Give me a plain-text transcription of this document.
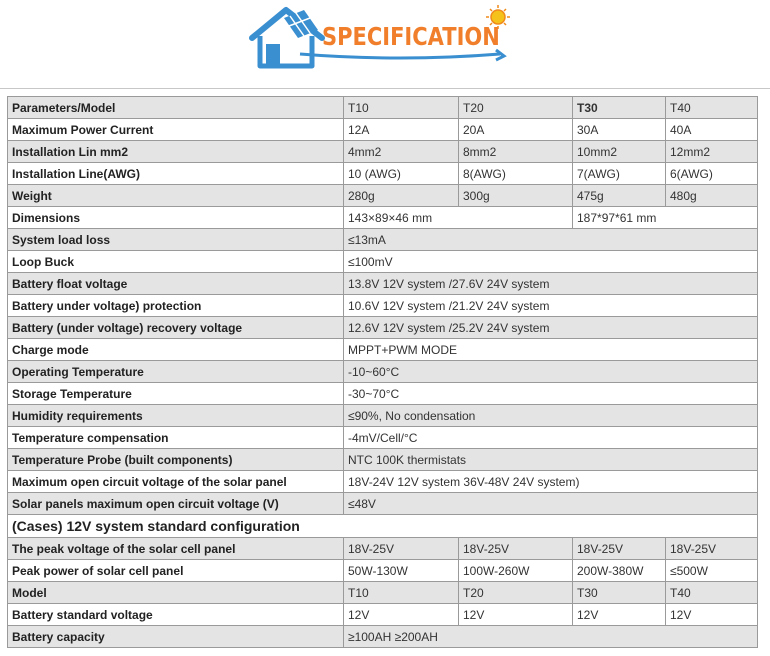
SPECIFICATION
Parameters/Model	T10	T20	T30	T40
Maximum Power Current	12A	20A	30A	40A
Installation Lin mm2	4mm2	8mm2	10mm2	12mm2
Installation Line(AWG)	10 (AWG)	8(AWG)	7(AWG)	6(AWG)
Weight	280g	300g	475g	480g
Dimensions	143×89×46 mm		187*97*61 mm	
System load loss	≤13mA			
Loop Buck	≤100mV			
Battery float voltage	13.8V 12V system /27.6V 24V system			
Battery under voltage) protection	10.6V 12V system /21.2V 24V system			
Battery (under voltage) recovery voltage	12.6V 12V system /25.2V 24V system			
Charge mode	MPPT+PWM MODE			
Operating Temperature	-10~60°C			
Storage Temperature	-30~70°C			
Humidity requirements	≤90%, No condensation			
Temperature compensation	-4mV/Cell/°C			
Temperature Probe (built components)	NTC 100K thermistats			
Maximum open circuit voltage of the solar panel	18V-24V 12V system 36V-48V 24V system)			
Solar panels maximum open circuit voltage (V)	≤48V			
(Cases) 12V system standard configuration				
The peak voltage of the solar cell panel	18V-25V	18V-25V	18V-25V	18V-25V
Peak power of solar cell panel	50W-130W	100W-260W	200W-380W	≤500W
Model	T10	T20	T30	T40
Battery standard voltage	12V	12V	12V	12V
Battery capacity	≥100AH ≥200AH			
